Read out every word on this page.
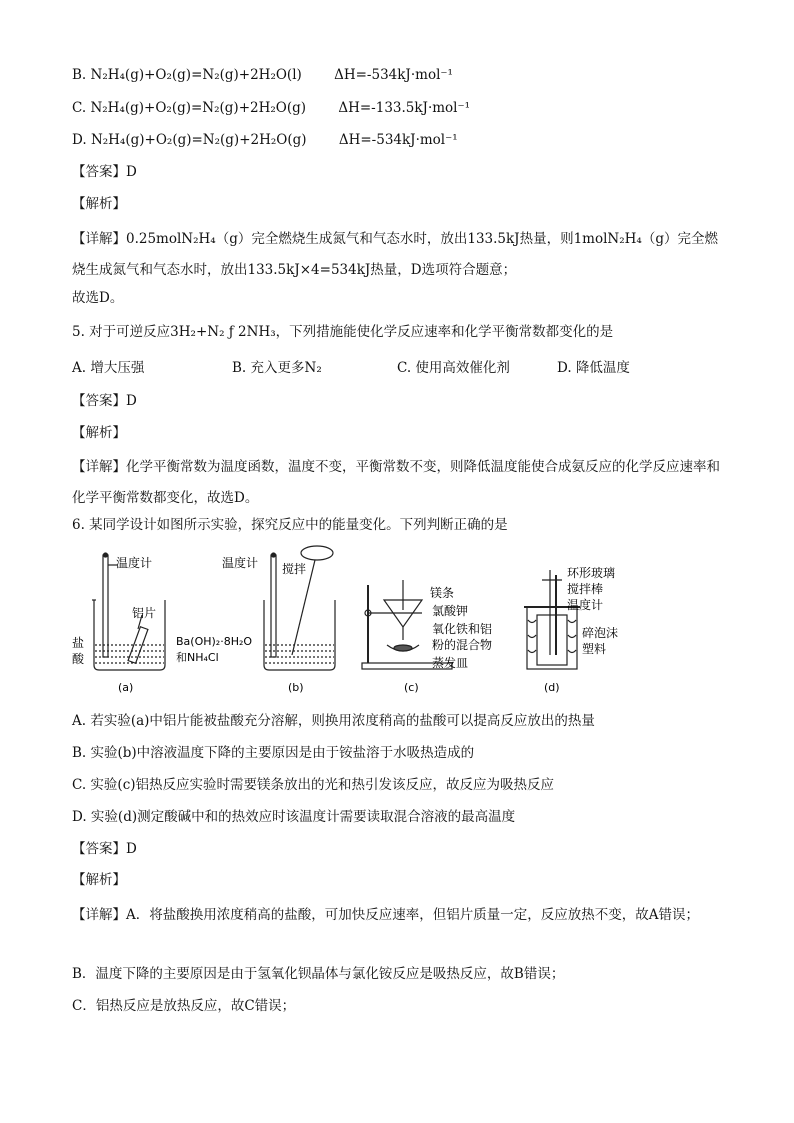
B. N₂H₄(g)+O₂(g)=N₂(g)+2H₂O(l) ΔH=-534kJ·mol⁻¹
C. N₂H₄(g)+O₂(g)=N₂(g)+2H₂O(g) ΔH=-133.5kJ·mol⁻¹
D. N₂H₄(g)+O₂(g)=N₂(g)+2H₂O(g) ΔH=-534kJ·mol⁻¹
【答案】D
【解析】
【详解】0.25molN₂H₄（g）完全燃烧生成氮气和气态水时，放出133.5kJ热量，则1molN₂H₄（g）完全燃烧生成氮气和气态水时，放出133.5kJ×4=534kJ热量，D选项符合题意；
故选D。
5. 对于可逆反应3H₂+N₂ ƒ 2NH₃，下列措施能使化学反应速率和化学平衡常数都变化的是
A. 增大压强	B. 充入更多N₂	C. 使用高效催化剂	D. 降低温度
【答案】D
【解析】
【详解】化学平衡常数为温度函数，温度不变，平衡常数不变，则降低温度能使合成氨反应的化学反应速率和化学平衡常数都变化，故选D。
6. 某同学设计如图所示实验，探究反应中的能量变化。下列判断正确的是
温度计
铝片
盐
酸
(a)
温度计 搅拌
Ba(OH)₂·8H₂O
和NH₄Cl
(b)
镁条
氯酸钾
氧化铁和铝
粉的混合物
蒸发皿
(c)
环形玻璃
搅拌棒
温度计
碎泡沫
塑料
(d)
A. 若实验(a)中铝片能被盐酸充分溶解，则换用浓度稍高的盐酸可以提高反应放出的热量
B. 实验(b)中溶液温度下降的主要原因是由于铵盐溶于水吸热造成的
C. 实验(c)铝热反应实验时需要镁条放出的光和热引发该反应，故反应为吸热反应
D. 实验(d)测定酸碱中和的热效应时该温度计需要读取混合溶液的最高温度
【答案】D
【解析】
【详解】A．将盐酸换用浓度稍高的盐酸，可加快反应速率，但铝片质量一定，反应放热不变，故A错误；
B．温度下降的主要原因是由于氢氧化钡晶体与氯化铵反应是吸热反应，故B错误；
C．铝热反应是放热反应，故C错误；
